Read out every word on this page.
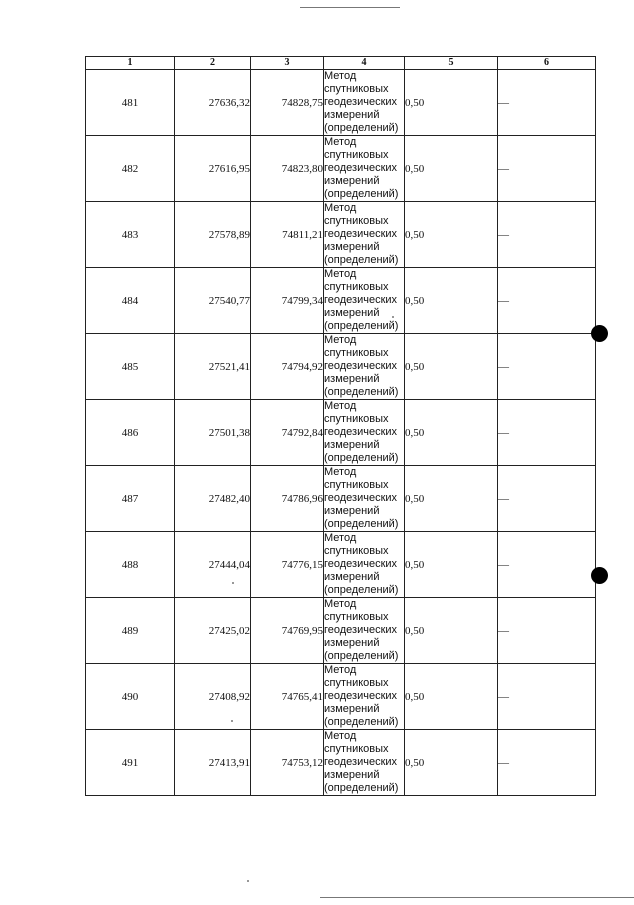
1	2	3	4	5	6
481	27636,32	74828,75	Метод
спутниковых
геодезических
измерений
(определений)	0,50	—
482	27616,95	74823,80	Метод
спутниковых
геодезических
измерений
(определений)	0,50	—
483	27578,89	74811,21	Метод
спутниковых
геодезических
измерений
(определений)	0,50	—
484	27540,77	74799,34	Метод
спутниковых
геодезических
измерений
(определений)	0,50	—
485	27521,41	74794,92	Метод
спутниковых
геодезических
измерений
(определений)	0,50	—
486	27501,38	74792,84	Метод
спутниковых
геодезических
измерений
(определений)	0,50	—
487	27482,40	74786,96	Метод
спутниковых
геодезических
измерений
(определений)	0,50	—
488	27444,04	74776,15	Метод
спутниковых
геодезических
измерений
(определений)	0,50	—
489	27425,02	74769,95	Метод
спутниковых
геодезических
измерений
(определений)	0,50	—
490	27408,92	74765,41	Метод
спутниковых
геодезических
измерений
(определений)	0,50	—
491	27413,91	74753,12	Метод
спутниковых
геодезических
измерений
(определений)	0,50	—
